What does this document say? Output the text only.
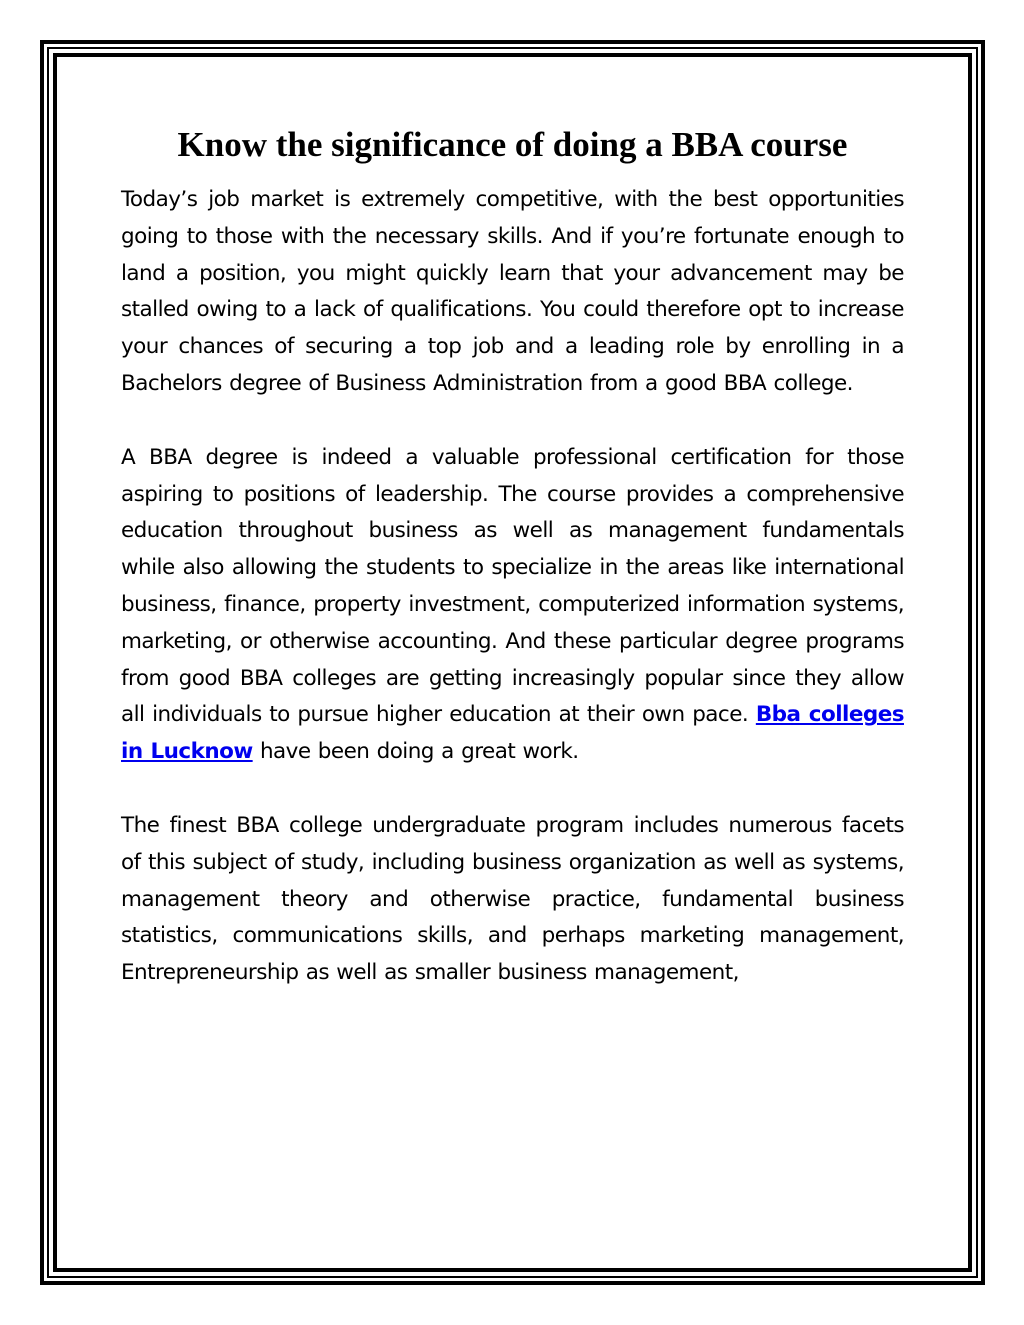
Know the significance of doing a BBA course

Today’s job market is extremely competitive, with the best opportunities going to those with the necessary skills. And if you’re fortunate enough to land a position, you might quickly learn that your advancement may be stalled owing to a lack of qualifications. You could therefore opt to increase your chances of securing a top job and a leading role by enrolling in a Bachelors degree of Business Administration from a good BBA college.

A BBA degree is indeed a valuable professional certification for those aspiring to positions of leadership. The course provides a comprehensive education throughout business as well as management fundamentals while also allowing the students to specialize in the areas like international business, finance, property investment, computerized information systems, marketing, or otherwise accounting. And these particular degree programs from good BBA colleges are getting increasingly popular since they allow all individuals to pursue higher education at their own pace. Bba colleges in Lucknow have been doing a great work.

The finest BBA college undergraduate program includes numerous facets of this subject of study, including business organization as well as systems, management theory and otherwise practice, fundamental business statistics, communications skills, and perhaps marketing management, Entrepreneurship as well as smaller business management,
